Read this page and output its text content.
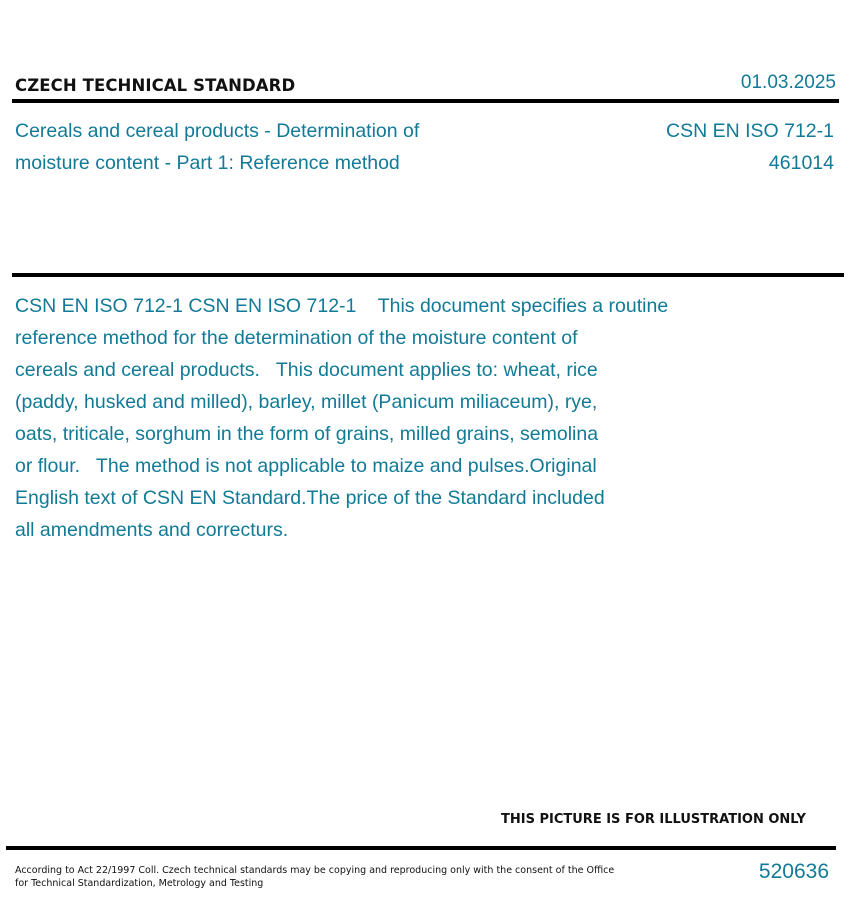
CZECH TECHNICAL STANDARD	01.03.2025
Cereals and cereal products - Determination of
moisture content - Part 1: Reference method
CSN EN ISO 712-1
461014
CSN EN ISO 712-1 CSN EN ISO 712-1    This document specifies a routine
reference method for the determination of the moisture content of
cereals and cereal products.   This document applies to: wheat, rice
(paddy, husked and milled), barley, millet (Panicum miliaceum), rye,
oats, triticale, sorghum in the form of grains, milled grains, semolina
or flour.   The method is not applicable to maize and pulses.Original
English text of CSN EN Standard.The price of the Standard included
all amendments and correcturs.
THIS PICTURE IS FOR ILLUSTRATION ONLY
According to Act 22/1997 Coll. Czech technical standards may be copying and reproducing only with the consent of the Office
for Technical Standardization, Metrology and Testing
520636
